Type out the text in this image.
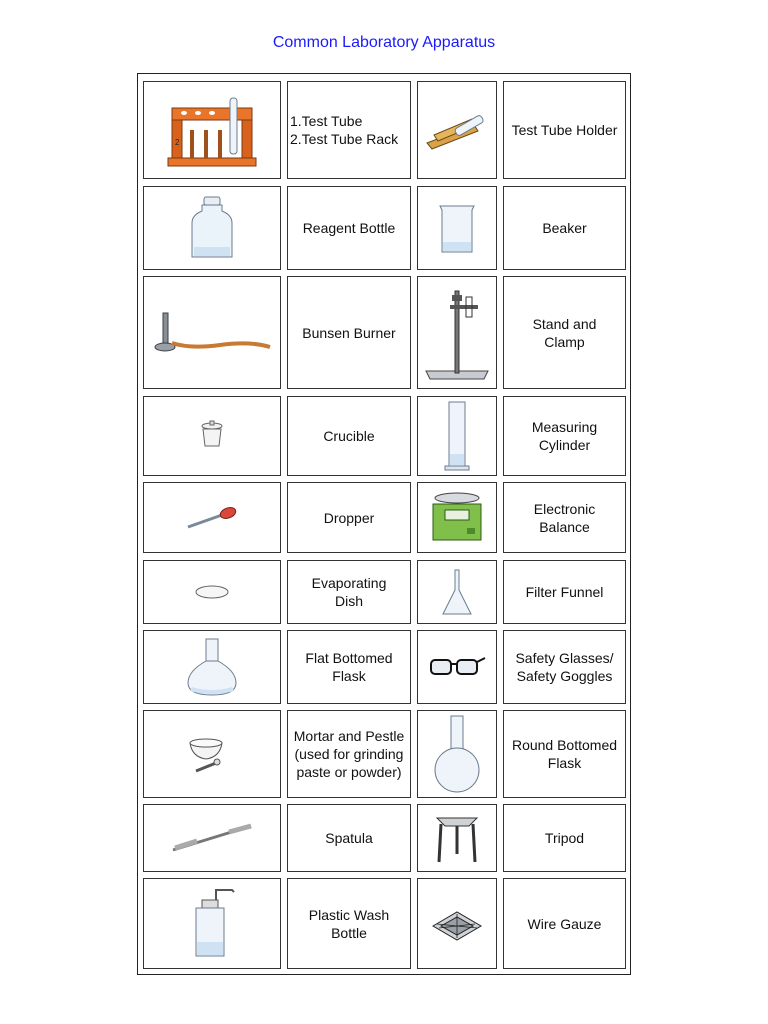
Common Laboratory Apparatus
2
1.Test Tube
2.Test Tube Rack
Test Tube Holder
Reagent Bottle	Beaker
Bunsen Burner
Stand and
Clamp
Crucible
Measuring
Cylinder
Dropper
Electronic
Balance
Evaporating
Dish
Filter Funnel
Flat Bottomed
Flask
Safety Glasses/
Safety Goggles
Mortar and Pestle
(used for grinding
paste or powder)
Round Bottomed
Flask
Spatula	Tripod
Plastic Wash
Bottle
Wire Gauze
